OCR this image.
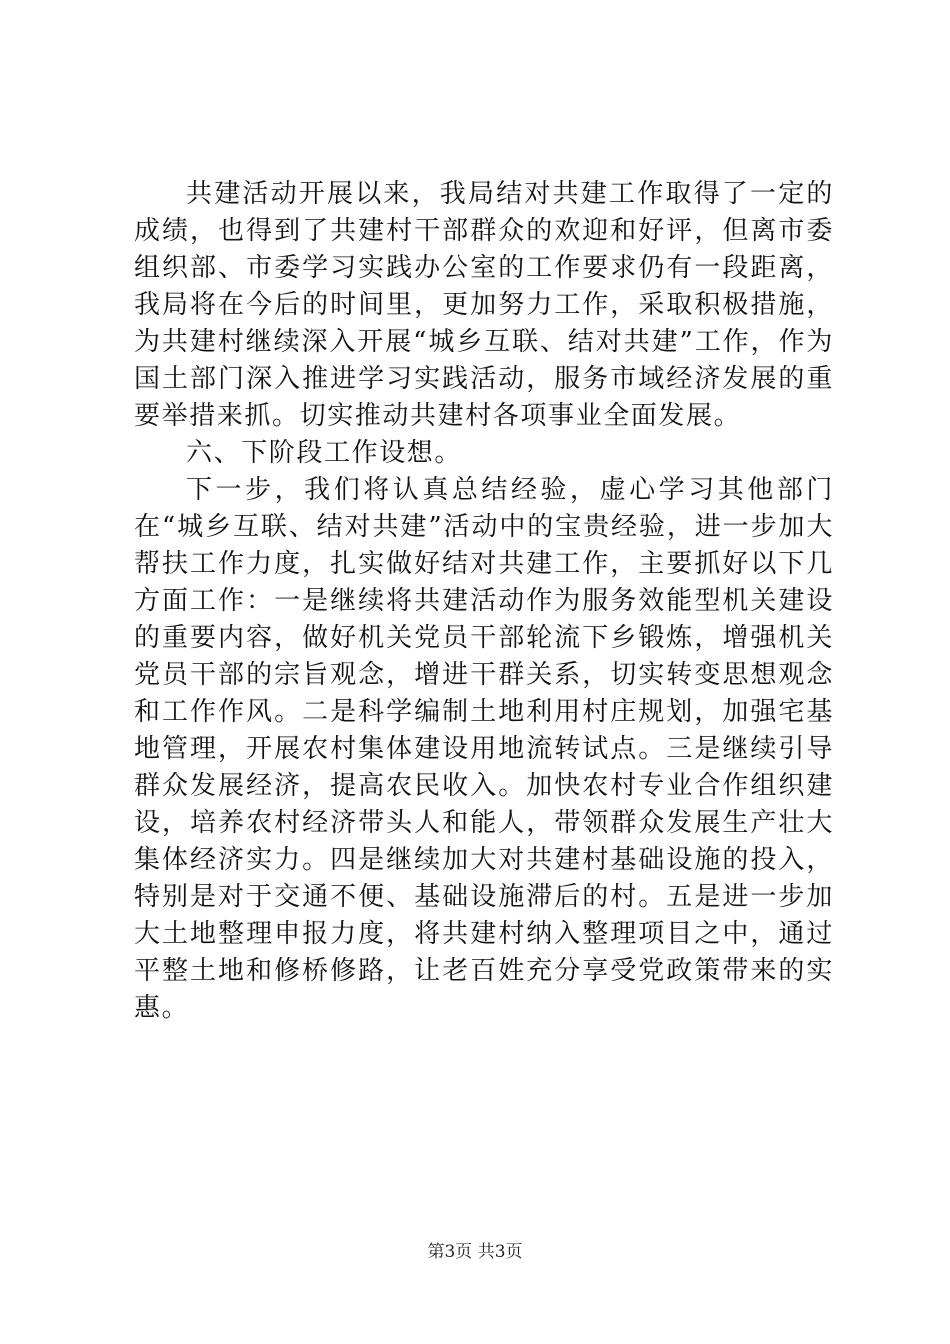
共建活动开展以来，我局结对共建工作取得了一定的成绩，也得到了共建村干部群众的欢迎和好评，但离市委组织部、市委学习实践办公室的工作要求仍有一段距离，我局将在今后的时间里，更加努力工作，采取积极措施，为共建村继续深入开展“城乡互联、结对共建”工作，作为国土部门深入推进学习实践活动，服务市域经济发展的重要举措来抓。切实推动共建村各项事业全面发展。

六、下阶段工作设想。

下一步，我们将认真总结经验，虚心学习其他部门在“城乡互联、结对共建”活动中的宝贵经验，进一步加大帮扶工作力度，扎实做好结对共建工作，主要抓好以下几方面工作：一是继续将共建活动作为服务效能型机关建设的重要内容，做好机关党员干部轮流下乡锻炼，增强机关党员干部的宗旨观念，增进干群关系，切实转变思想观念和工作作风。二是科学编制土地利用村庄规划，加强宅基地管理，开展农村集体建设用地流转试点。三是继续引导群众发展经济，提高农民收入。加快农村专业合作组织建设，培养农村经济带头人和能人，带领群众发展生产壮大集体经济实力。四是继续加大对共建村基础设施的投入，特别是对于交通不便、基础设施滞后的村。五是进一步加大土地整理申报力度，将共建村纳入整理项目之中，通过平整土地和修桥修路，让老百姓充分享受党政策带来的实惠。

第3页 共3页
